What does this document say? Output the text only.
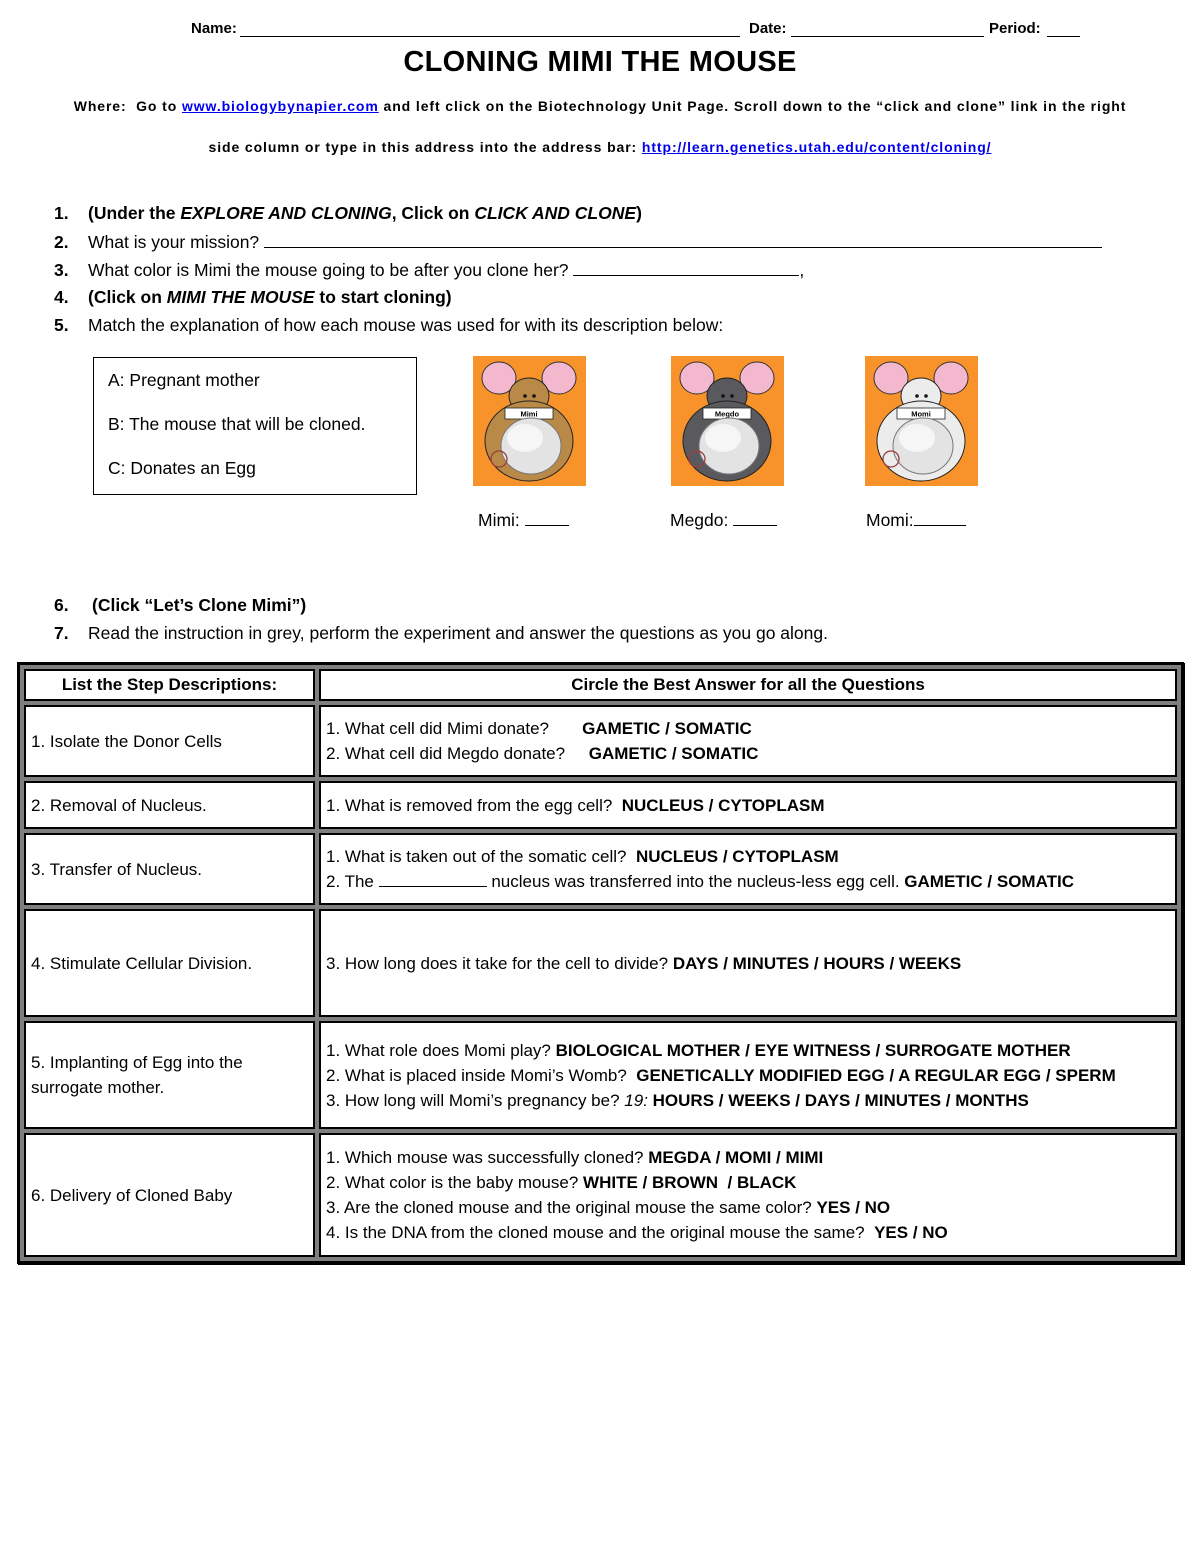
Name:	Date:	Period:
CLONING MIMI THE MOUSE
Where:  Go to www.biologybynapier.com and left click on the Biotechnology Unit Page. Scroll down to the “click and clone” link in the right
side column or type in this address into the address bar: http://learn.genetics.utah.edu/content/cloning/
1. (Under the EXPLORE AND CLONING, Click on CLICK AND CLONE)
2. What is your mission?
3. What color is Mimi the mouse going to be after you clone her?	,
4. (Click on MIMI THE MOUSE to start cloning)
5. Match the explanation of how each mouse was used for with its description below:
A: Pregnant mother
B: The mouse that will be cloned.
C: Donates an Egg
Mimi	Megdo	Momi
Mimi:	Megdo:	Momi:
6. (Click “Let’s Clone Mimi”)
7. Read the instruction in grey, perform the experiment and answer the questions as you go along.
List the Step Descriptions:	Circle the Best Answer for all the Questions
1. Isolate the Donor Cells	1. What cell did Mimi donate?       GAMETIC / SOMATIC
2. What cell did Megdo donate?     GAMETIC / SOMATIC

2. Removal of Nucleus.	1. What is removed from the egg cell?  NUCLEUS / CYTOPLASM

3. Transfer of Nucleus.	1. What is taken out of the somatic cell?  NUCLEUS / CYTOPLASM
2. The nucleus was transferred into the nucleus-less egg cell. GAMETIC / SOMATIC

4. Stimulate Cellular Division.	3. How long does it take for the cell to divide? DAYS / MINUTES / HOURS / WEEKS

5. Implanting of Egg into the surrogate mother.	1. What role does Momi play? BIOLOGICAL MOTHER / EYE WITNESS / SURROGATE MOTHER
2. What is placed inside Momi’s Womb?  GENETICALLY MODIFIED EGG / A REGULAR EGG / SPERM
3. How long will Momi’s pregnancy be? 19: HOURS / WEEKS / DAYS / MINUTES / MONTHS

6. Delivery of Cloned Baby	1. Which mouse was successfully cloned? MEGDA / MOMI / MIMI
2. What color is the baby mouse? WHITE / BROWN  / BLACK
3. Are the cloned mouse and the original mouse the same color? YES / NO
4. Is the DNA from the cloned mouse and the original mouse the same?  YES / NO
